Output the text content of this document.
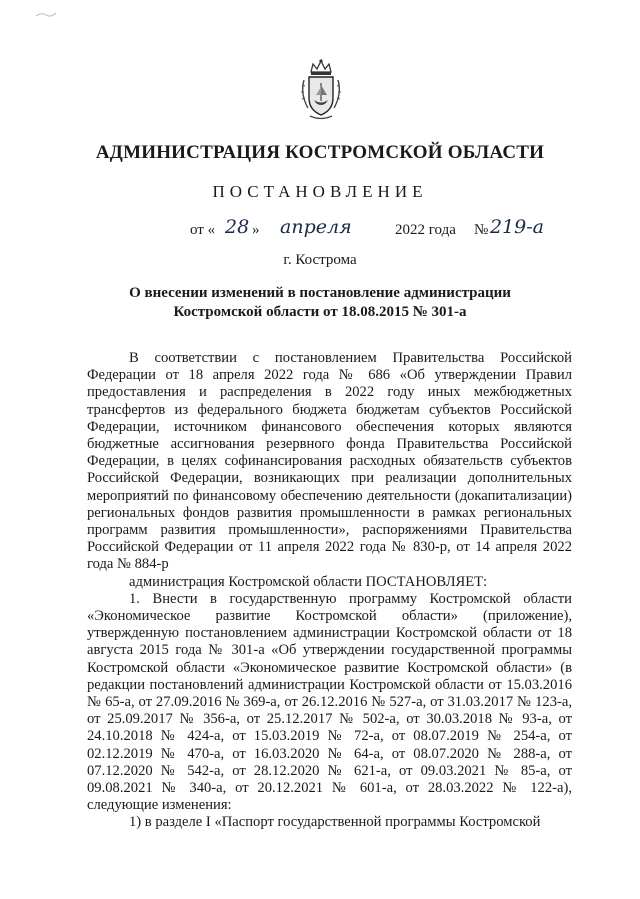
АДМИНИСТРАЦИЯ КОСТРОМСКОЙ ОБЛАСТИ
ПОСТАНОВЛЕНИЕ
от « 28 » апреля	2022 года № 219-а
г. Кострома
О внесении изменений в постановление администрации
Костромской области от 18.08.2015 № 301-а

В соответствии с постановлением Правительства Российской Федерации от 18 апреля 2022 года № 686 «Об утверждении Правил предоставления и распределения в 2022 году иных межбюджетных трансфертов из федерального бюджета бюджетам субъектов Российской Федерации, источником финансового обеспечения которых являются бюджетные ассигнования резервного фонда Правительства Российской Федерации, в целях софинансирования расходных обязательств субъектов Российской Федерации, возникающих при реализации дополнительных мероприятий по финансовому обеспечению деятельности (докапитализации) региональных фондов развития промышленности в рамках региональных программ развития промышленности», распоряжениями Правительства Российской Федерации от 11 апреля 2022 года № 830-р, от 14 апреля 2022 года № 884-р

администрация Костромской области ПОСТАНОВЛЯЕТ:

1. Внести в государственную программу Костромской области «Экономическое развитие Костромской области» (приложение), утвержденную постановлением администрации Костромской области от 18 августа 2015 года № 301-а «Об утверждении государственной программы Костромской области «Экономическое развитие Костромской области» (в редакции постановлений администрации Костромской области от 15.03.2016 № 65-а, от 27.09.2016 № 369-а, от 26.12.2016 № 527-а, от 31.03.2017 № 123-а, от 25.09.2017 № 356-а, от 25.12.2017 № 502-а, от 30.03.2018 № 93-а, от 24.10.2018 № 424-а, от 15.03.2019 № 72-а, от 08.07.2019 № 254-а, от 02.12.2019 № 470-а, от 16.03.2020 № 64-а, от 08.07.2020 № 288-а, от 07.12.2020 № 542-а, от 28.12.2020 № 621-а, от 09.03.2021 № 85-а, от 09.08.2021 № 340-а, от 20.12.2021 № 601-а, от 28.03.2022 № 122-а), следующие изменения:

1) в разделе I «Паспорт государственной программы Костромской
